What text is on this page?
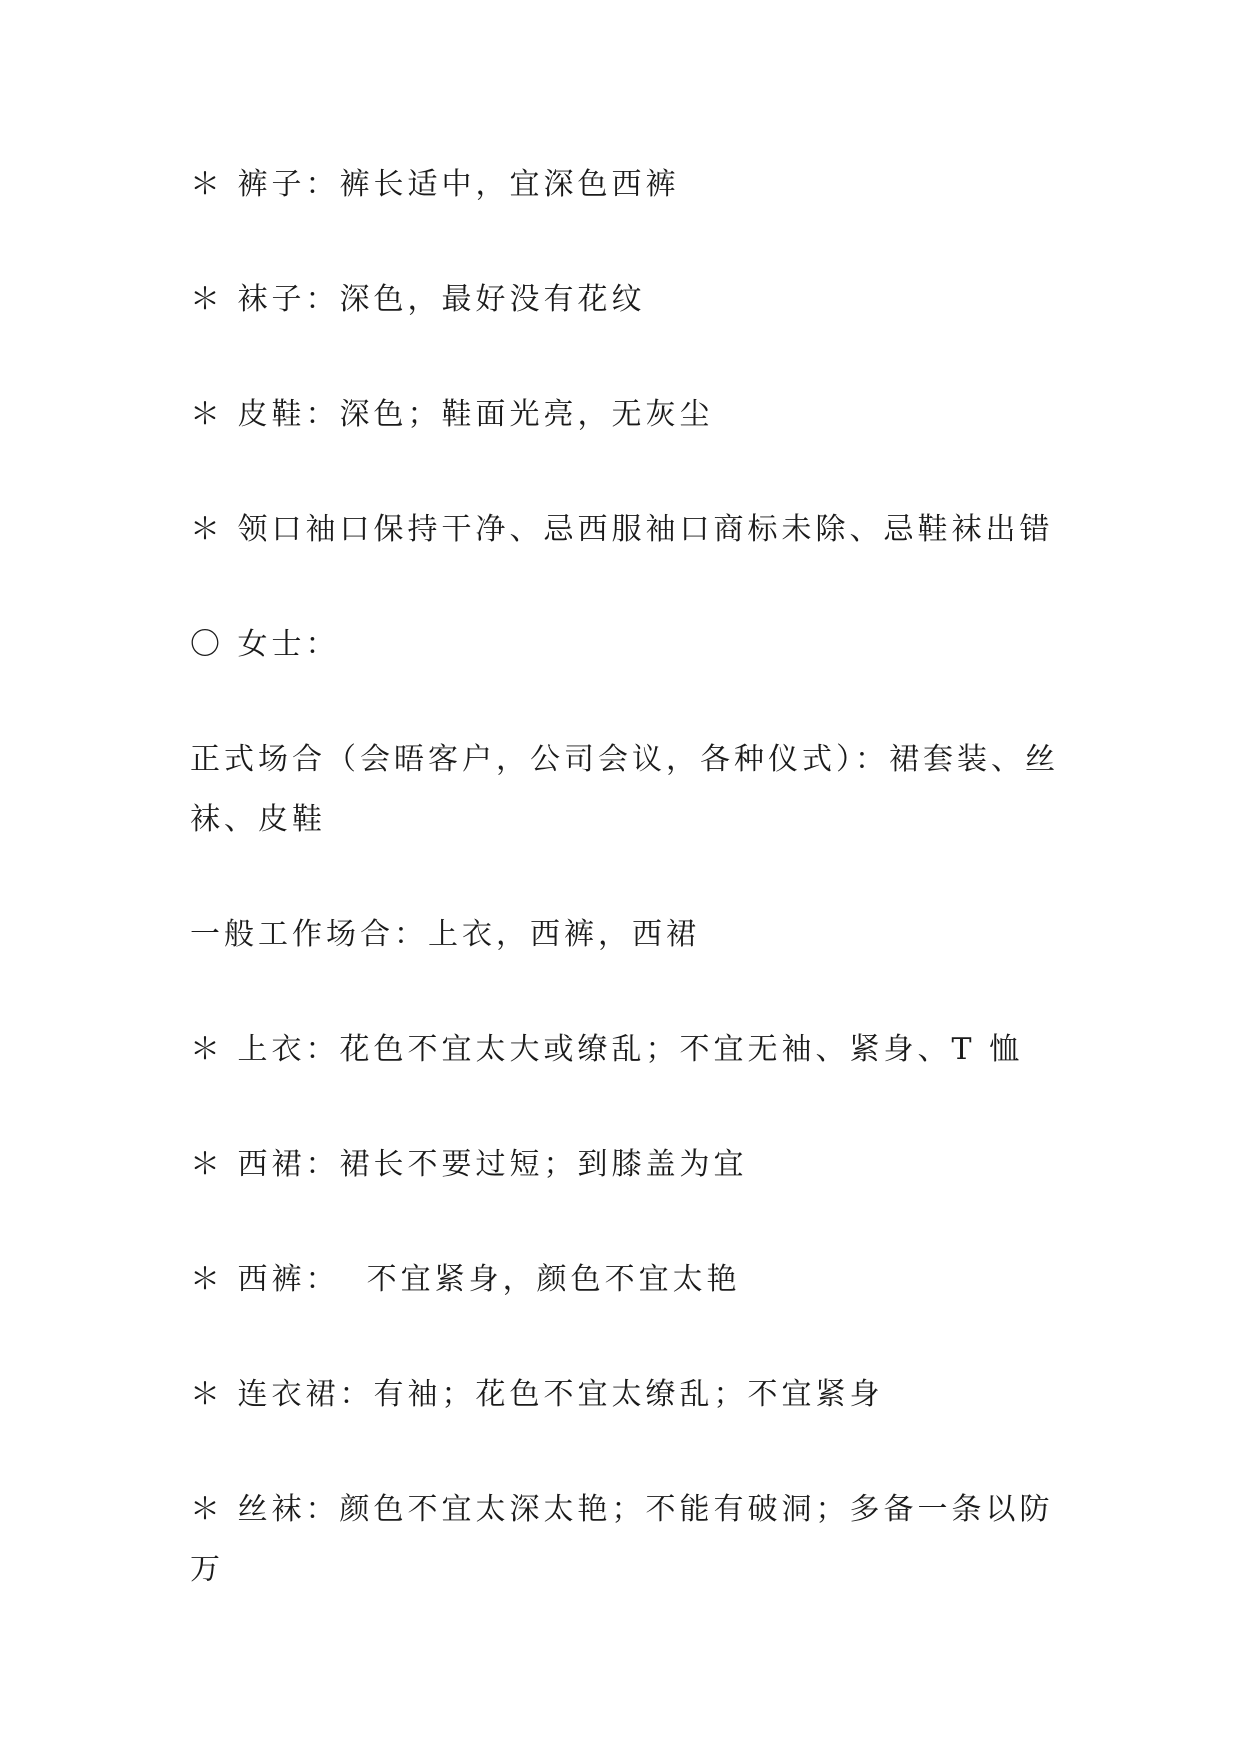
＊ 裤子：裤长适中，宜深色西裤
＊ 袜子：深色，最好没有花纹
＊ 皮鞋：深色；鞋面光亮，无灰尘
＊ 领口袖口保持干净、忌西服袖口商标未除、忌鞋袜出错
〇 女士：
正式场合（会晤客户，公司会议，各种仪式）：裙套装、丝袜、皮鞋
一般工作场合：上衣，西裤，西裙
＊ 上衣：花色不宜太大或缭乱；不宜无袖、紧身、T 恤
＊ 西裙：裙长不要过短；到膝盖为宜
＊ 西裤：  不宜紧身，颜色不宜太艳
＊ 连衣裙：有袖；花色不宜太缭乱；不宜紧身
＊ 丝袜：颜色不宜太深太艳；不能有破洞；多备一条以防万
